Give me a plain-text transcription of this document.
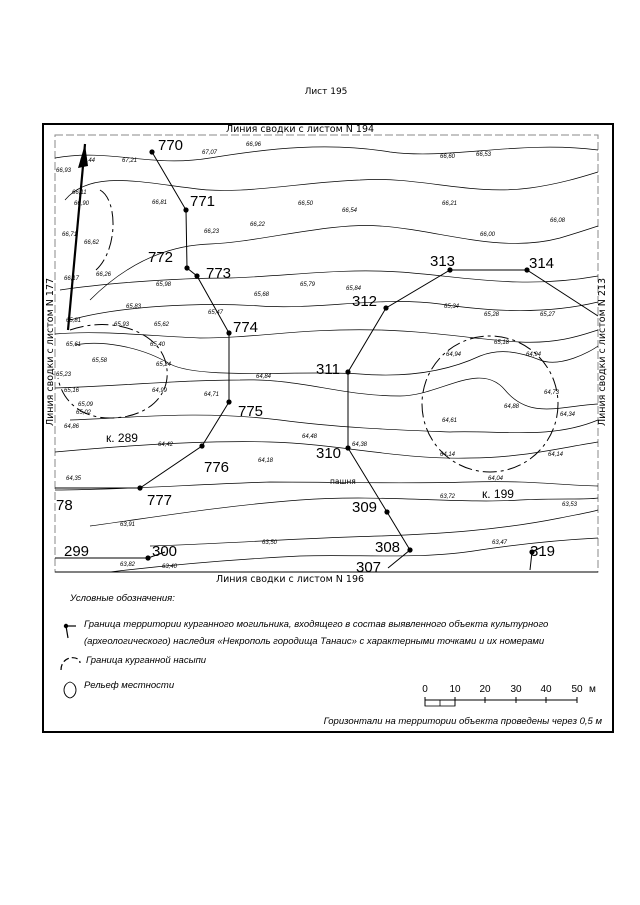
Лист 195
Линия сводки с листом N 194
Линия сводки с листом N 196
Линия сводки с листом N 177	Линия сводки с листом N 213
770
771
772
773
774
775
776
777
78
299	300
307
308
309
310
311
312
313	314
319
к. 289
к. 199
пашня
67,44	67,21
67,07
66,96
66,60	66,53
66,90	66,81	66,50
66,54
66,21
66,08
66,62
66,23
66,22
66,00
66,26
65,98	65,79
65,84
65,83
65,68
65,47
65,81
65,93	65,62
65,34
65,28	65,27
65,18
65,58
65,40
64,94	64,94
65,24
64,99
64,84
64,71	64,73
65,09
65,02
65,16
64,88
64,34
64,86
64,61
64,48
64,38
64,42
64,18
64,14	64,14
64,35	64,04
63,72
63,91
63,53
63,50	63,47
63,82	63,40
66,11
66,71
66,17
65,61
66,93
65,23
Условные обозначения:
Граница территории курганного могильника, входящего в состав выявленного объекта культурного
(археологического) наследия «Некрополь городища Танаис» с характерными точками и их номерами
Граница курганной насыпи
Рельеф местности	0 10 20 30 40 50 м
Горизонтали на территории объекта проведены через 0,5 м
